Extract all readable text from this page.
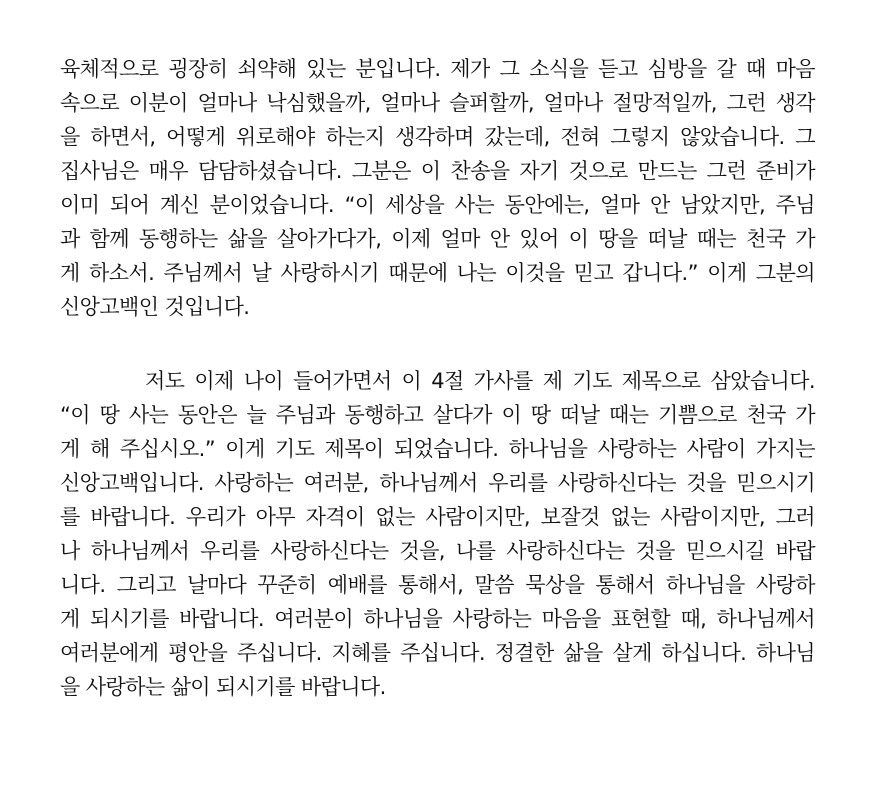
육체적으로 굉장히 쇠약해 있는 분입니다. 제가 그 소식을 듣고 심방을 갈 때 마음
속으로 이분이 얼마나 낙심했을까, 얼마나 슬퍼할까, 얼마나 절망적일까, 그런 생각
을 하면서, 어떻게 위로해야 하는지 생각하며 갔는데, 전혀 그렇지 않았습니다. 그
집사님은 매우 담담하셨습니다. 그분은 이 찬송을 자기 것으로 만드는 그런 준비가
이미 되어 계신 분이었습니다. “이 세상을 사는 동안에는, 얼마 안 남았지만, 주님
과 함께 동행하는 삶을 살아가다가, 이제 얼마 안 있어 이 땅을 떠날 때는 천국 가
게 하소서. 주님께서 날 사랑하시기 때문에 나는 이것을 믿고 갑니다.” 이게 그분의
신앙고백인 것입니다.
저도 이제 나이 들어가면서 이 4절 가사를 제 기도 제목으로 삼았습니다.
“이 땅 사는 동안은 늘 주님과 동행하고 살다가 이 땅 떠날 때는 기쁨으로 천국 가
게 해 주십시오.” 이게 기도 제목이 되었습니다. 하나님을 사랑하는 사람이 가지는
신앙고백입니다. 사랑하는 여러분, 하나님께서 우리를 사랑하신다는 것을 믿으시기
를 바랍니다. 우리가 아무 자격이 없는 사람이지만, 보잘것 없는 사람이지만, 그러
나 하나님께서 우리를 사랑하신다는 것을, 나를 사랑하신다는 것을 믿으시길 바랍
니다. 그리고 날마다 꾸준히 예배를 통해서, 말씀 묵상을 통해서 하나님을 사랑하
게 되시기를 바랍니다. 여러분이 하나님을 사랑하는 마음을 표현할 때, 하나님께서
여러분에게 평안을 주십니다. 지혜를 주십니다. 정결한 삶을 살게 하십니다. 하나님
을 사랑하는 삶이 되시기를 바랍니다.
